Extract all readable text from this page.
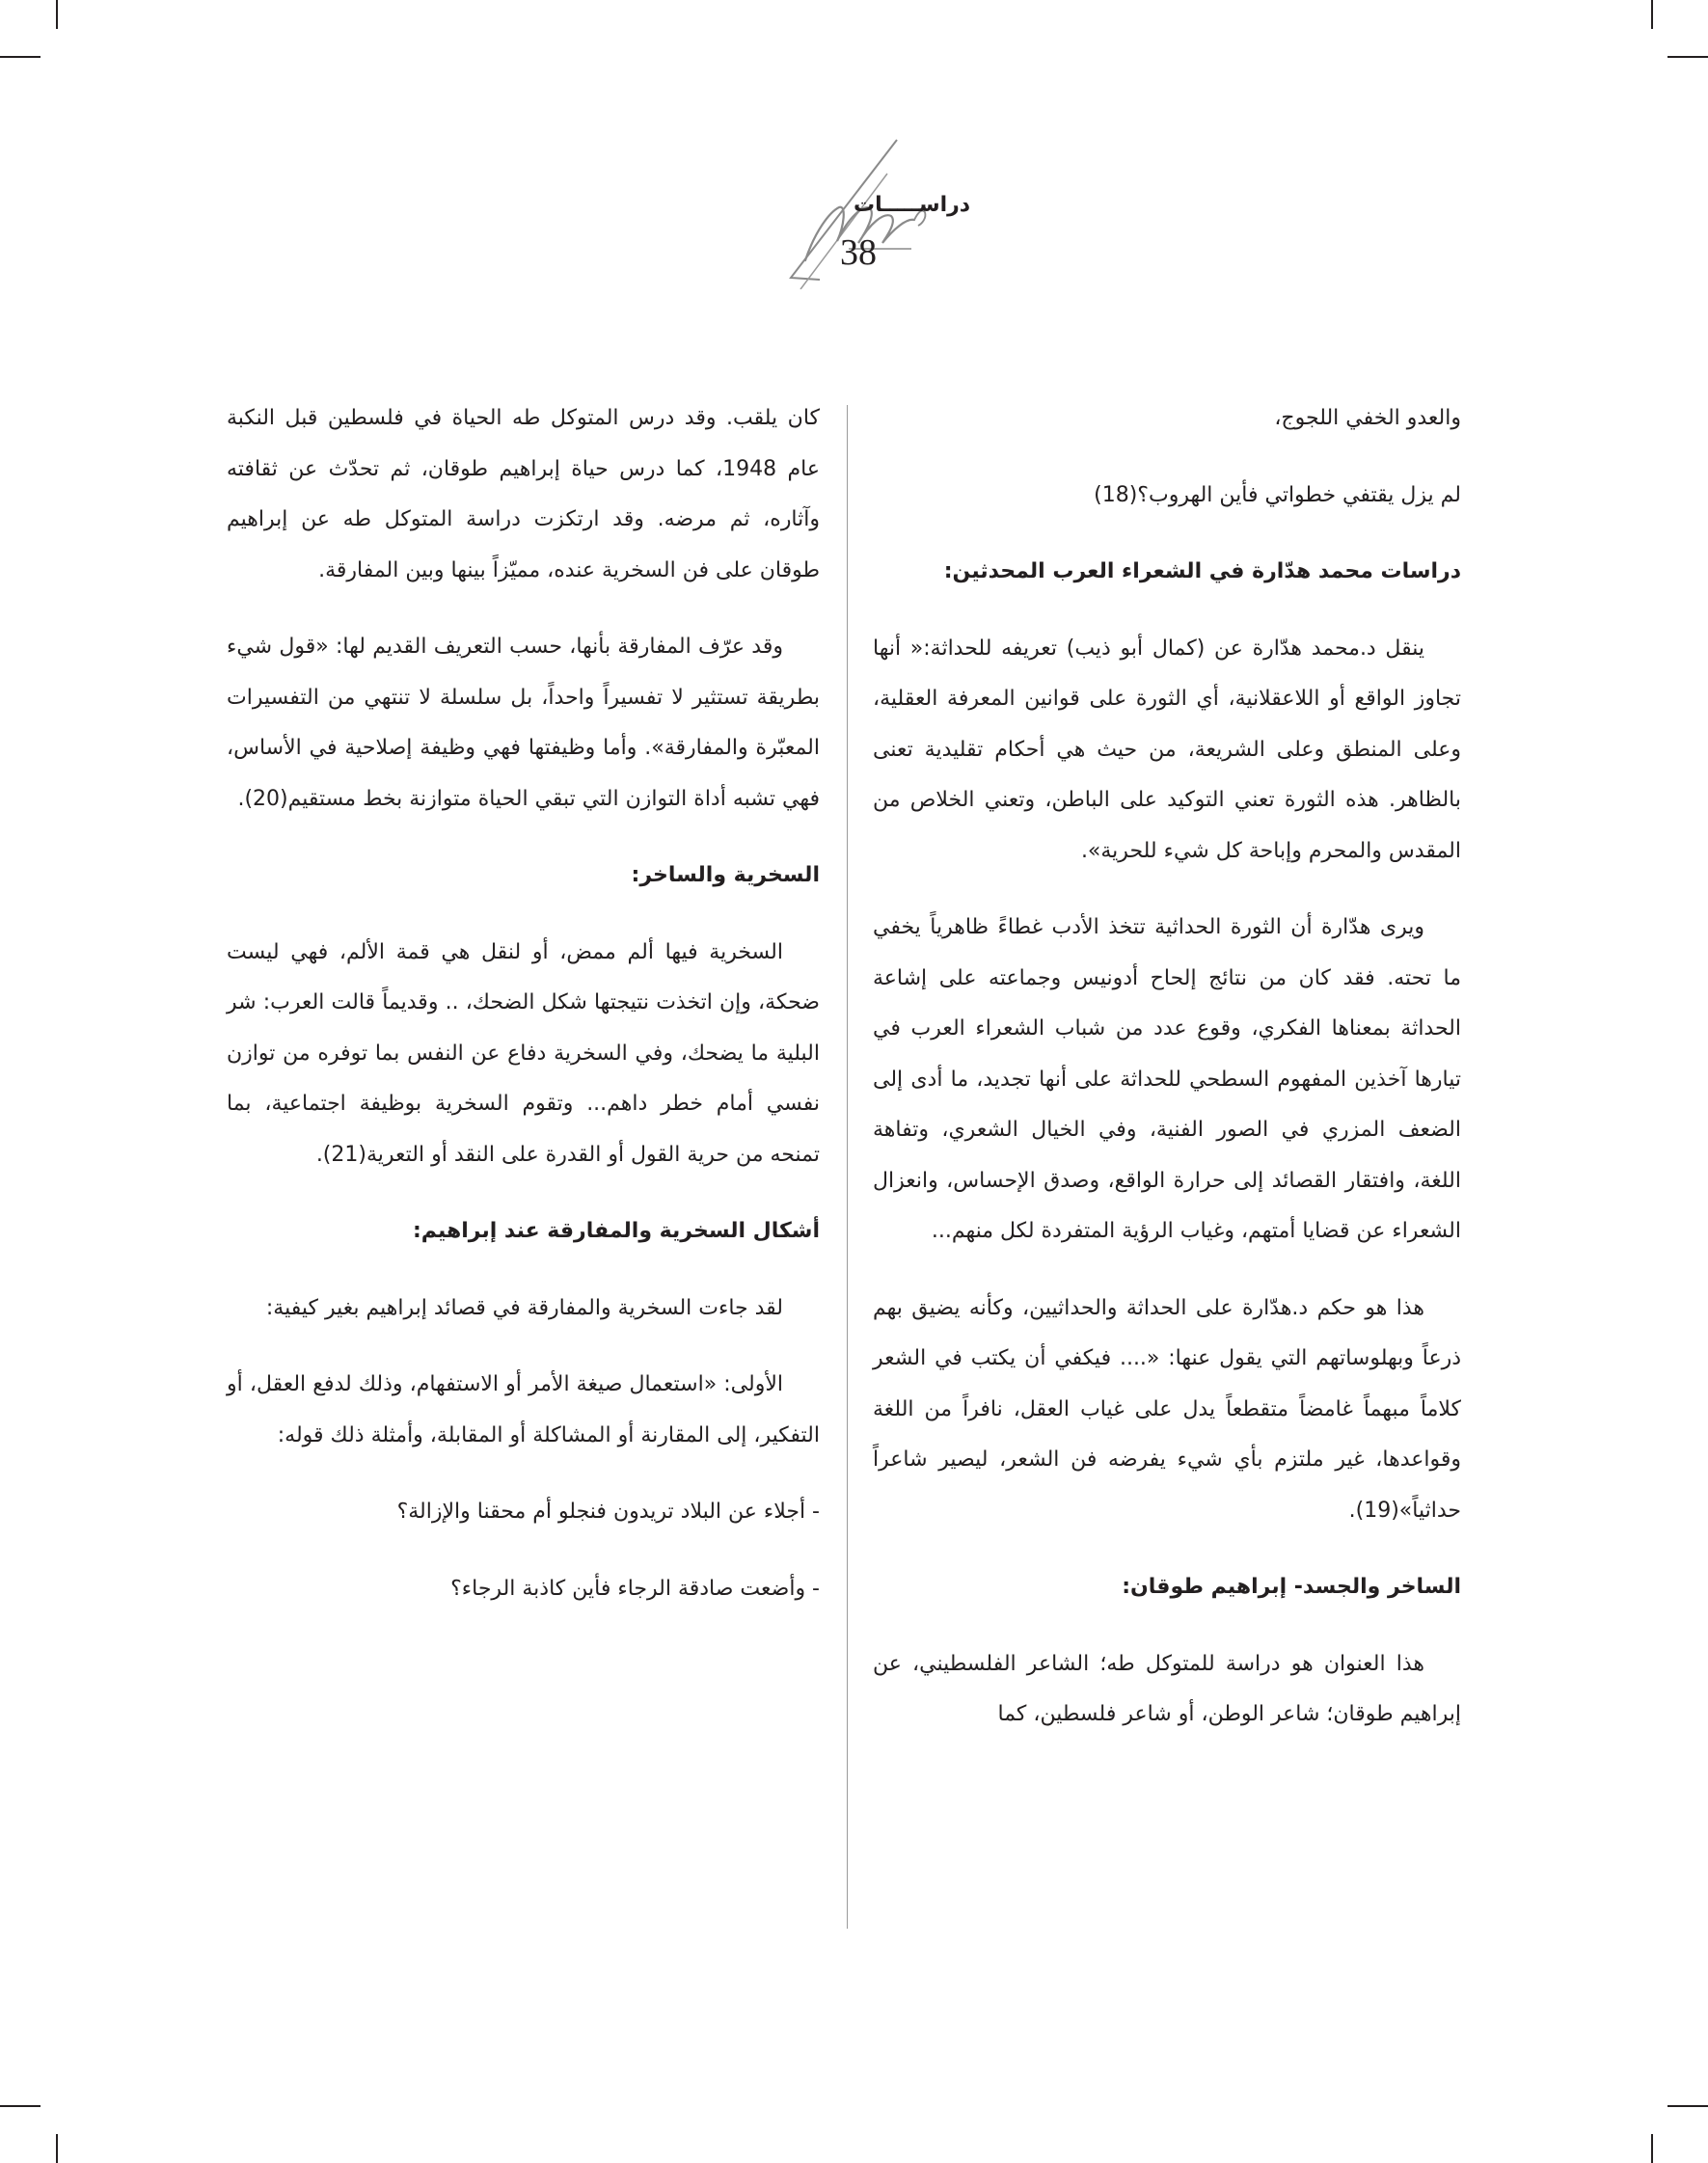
دراســـــات
38

والعدو الخفي اللجوج،

لم يزل يقتفي خطواتي فأين الهروب؟(18)

دراسات محمد هدّارة في الشعراء العرب المحدثين:

ينقل د.محمد هدّارة عن (كمال أبو ذيب) تعريفه للحداثة:« أنها تجاوز الواقع أو اللاعقلانية، أي الثورة على قوانين المعرفة العقلية، وعلى المنطق وعلى الشريعة، من حيث هي أحكام تقليدية تعنى بالظاهر. هذه الثورة تعني التوكيد على الباطن، وتعني الخلاص من المقدس والمحرم وإباحة كل شيء للحرية».

ويرى هدّارة أن الثورة الحداثية تتخذ الأدب غطاءً ظاهرياً يخفي ما تحته. فقد كان من نتائج إلحاح أدونيس وجماعته على إشاعة الحداثة بمعناها الفكري، وقوع عدد من شباب الشعراء العرب في تيارها آخذين المفهوم السطحي للحداثة على أنها تجديد، ما أدى إلى الضعف المزري في الصور الفنية، وفي الخيال الشعري، وتفاهة اللغة، وافتقار القصائد إلى حرارة الواقع، وصدق الإحساس، وانعزال الشعراء عن قضايا أمتهم، وغياب الرؤية المتفردة لكل منهم...

هذا هو حكم د.هدّارة على الحداثة والحداثيين، وكأنه يضيق بهم ذرعاً وبهلوساتهم التي يقول عنها: «.... فيكفي أن يكتب في الشعر كلاماً مبهماً غامضاً متقطعاً يدل على غياب العقل، نافراً من اللغة وقواعدها، غير ملتزم بأي شيء يفرضه فن الشعر، ليصير شاعراً حداثياً»(19).

الساخر والجسد- إبراهيم طوقان:

هذا العنوان هو دراسة للمتوكل طه؛ الشاعر الفلسطيني، عن إبراهيم طوقان؛ شاعر الوطن، أو شاعر فلسطين، كما

كان يلقب. وقد درس المتوكل طه الحياة في فلسطين قبل النكبة عام 1948، كما درس حياة إبراهيم طوقان، ثم تحدّث عن ثقافته وآثاره، ثم مرضه. وقد ارتكزت دراسة المتوكل طه عن إبراهيم طوقان على فن السخرية عنده، مميّزاً بينها وبين المفارقة.

وقد عرّف المفارقة بأنها، حسب التعريف القديم لها: «قول شيء بطريقة تستثير لا تفسيراً واحداً، بل سلسلة لا تنتهي من التفسيرات المعبّرة والمفارقة». وأما وظيفتها فهي وظيفة إصلاحية في الأساس، فهي تشبه أداة التوازن التي تبقي الحياة متوازنة بخط مستقيم(20).

السخرية والساخر:

السخرية فيها ألم ممض، أو لنقل هي قمة الألم، فهي ليست ضحكة، وإن اتخذت نتيجتها شكل الضحك، .. وقديماً قالت العرب: شر البلية ما يضحك، وفي السخرية دفاع عن النفس بما توفره من توازن نفسي أمام خطر داهم... وتقوم السخرية بوظيفة اجتماعية، بما تمنحه من حرية القول أو القدرة على النقد أو التعرية(21).

أشكال السخرية والمفارقة عند إبراهيم:

لقد جاءت السخرية والمفارقة في قصائد إبراهيم بغير كيفية:

الأولى: «استعمال صيغة الأمر أو الاستفهام، وذلك لدفع العقل، أو التفكير، إلى المقارنة أو المشاكلة أو المقابلة، وأمثلة ذلك قوله:

- أجلاء عن البلاد تريدون فنجلو أم محقنا والإزالة؟

- وأضعت صادقة الرجاء فأين كاذبة الرجاء؟
